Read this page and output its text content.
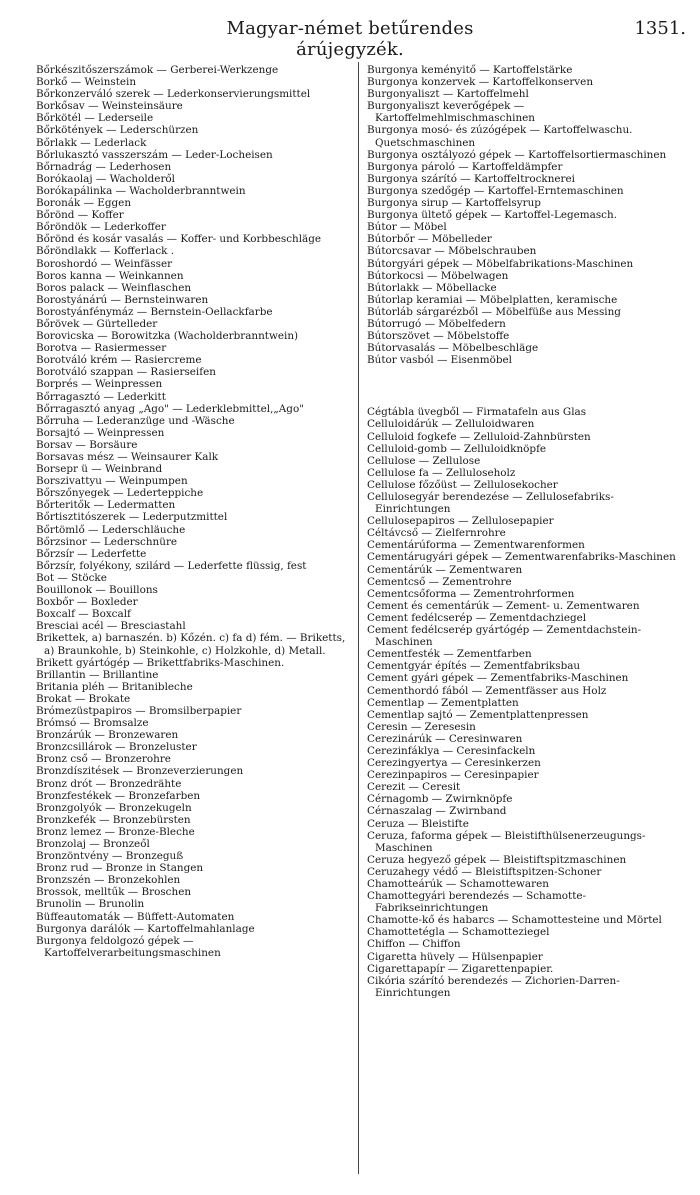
Magyar-német betűrendes árújegyzék.
1351.
Bőrkészitőszerszámok — Gerberei-Werkzenge
Borkő — Weinstein
Bőrkonzerváló szerek — Lederkonservierungsmittel
Borkősav — Weinsteinsäure
Bőrkötél — Lederseile
Bőrkötények — Lederschürzen
Bőrlakk — Lederlack
Bőrlukasztó vasszerszám — Leder-Locheisen
Bőrnadrág — Lederhosen
Borókaolaj — Wacholderől
Borókapálinka — Wacholderbranntwein
Boronák — Eggen
Bőrönd — Koffer
Bőröndök — Lederkoffer
Bőrönd és kosár vasalás — Koffer- und Korbbeschläge
Bőröndlakk — Kofferlack .
Boroshordó — Weinfässer
Boros kanna — Weinkannen
Boros palack — Weinflaschen
Borostyánárú — Bernsteinwaren
Borostyánfénymáz — Bernstein-Oellackfarbe
Bőrövek — Gürtelleder
Borovicska — Borowitzka (Wacholderbranntwein)
Borotva — Rasiermesser
Borotváló krém — Rasiercreme
Borotváló szappan — Rasierseifen
Borprés — Weinpressen
Bőrragasztó — Lederkitt
Bőrragasztó anyag „Ago" — Lederklebmittel,„Ago"
Bőrruha — Lederanzüge und -Wäsche
Borsajtó — Weinpressen
Borsav — Borsäure
Borsavas mész — Weinsaurer Kalk
Borsepr ü — Weinbrand
Borszivattyu — Weinpumpen
Bőrszőnyegek — Lederteppiche
Bőrteritők — Ledermatten
Bőrtisztitószerek — Lederputzmittel
Bőrtömlő — Lederschläuche
Bőrzsinor — Lederschnüre
Bőrzsír — Lederfette
Bőrzsír, folyékony, szilárd — Lederfette flüssig, fest
Bot — Stöcke
Bouillonok — Bouillons
Boxbőr — Boxleder
Boxcalf — Boxcalf
Bresciai acél — Bresciastahl
Brikettek, a) barnaszén. b) Kőzén. c) fa d) fém. — Briketts, a) Braunkohle, b) Steinkohle, c) Holzkohle, d) Metall.
Brikett gyártógép — Brikettfabriks-Maschinen.
Brillantin — Brillantine
Britania pléh — Britanibleche
Brokat — Brokate
Brómezüstpapiros — Bromsilberpapier
Brómsó — Bromsalze
Bronzárúk — Bronzewaren
Bronzcsillárok — Bronzeluster
Bronz cső — Bronzerohre
Bronzdíszitések — Bronzeverzierungen
Bronz drót — Bronzedrähte
Bronzfestékek — Bronzefarben
Bronzgolyók — Bronzekugeln
Bronzkefék — Bronzebürsten
Bronz lemez — Bronze-Bleche
Bronzolaj — Bronzeől
Bronzöntvény — Bronzeguß
Bronz rud — Bronze in Stangen
Bronzszén — Bronzekohlen
Brossok, melltűk — Broschen
Brunolin — Brunolin
Büffeautomaták — Büffett-Automaten
Burgonya darálók — Kartoffelmahlanlage
Burgonya feldolgozó gépek — Kartoffelverarbeitungsmaschinen
Burgonya keményitő — Kartoffelstärke
Burgonya konzervek — Kartoffelkonserven
Burgonyaliszt — Kartoffelmehl
Burgonyaliszt keverőgépek — Kartoffelmehlmischmaschinen
Burgonya mosó- és zúzógépek — Kartoffelwaschu. Quetschmaschinen
Burgonya osztályozó gépek — Kartoffelsortiermaschinen
Burgonya pároló — Kartoffeldämpfer
Burgonya szárító — Kartoffeltrocknerei
Burgonya szedőgép — Kartoffel-Erntemaschinen
Burgonya sirup — Kartoffelsyrup
Burgonya ültető gépek — Kartoffel-Legemasch.
Bútor — Möbel
Bútorbőr — Möbelleder
Bútorcsavar — Möbelschrauben
Bútorgyári gépek — Möbelfabrikations-Maschinen
Bútorkocsi — Möbelwagen
Bútorlakk — Möbellacke
Bútorlap keramiai — Möbelplatten, keramische
Bútorláb sárgarézből — Möbelfüße aus Messing
Bútorrugó — Möbelfedern
Bútorszövet — Möbelstoffe
Bútorvasalás — Möbelbeschläge
Bútor vasból — Eisenmöbel
Cégtábla üvegből — Firmatafeln aus Glas
Celluloidárúk — Zelluloidwaren
Celluloid fogkefe — Zelluloid-Zahnbürsten
Celluloid-gomb — Zelluloidknöpfe
Cellulose — Zellulose
Cellulose fa — Zelluloseholz
Cellulose főzőüst — Zellulosekocher
Cellulosegyár berendezése — Zellulosefabriks-Einrichtungen
Cellulosepapiros — Zellulosepapier
Céltávcső — Zielfernrohre
Cementárúforma — Zementwarenformen
Cementárugyári gépek — Zementwarenfabriks-Maschinen
Cementárúk — Zementwaren
Cementcső — Zementrohre
Cementcsőforma — Zementrohrformen
Cement és cementárúk — Zement- u. Zementwaren
Cement fedélcserép — Zementdachziegel
Cement fedélcserép gyártógép — Zementdachstein-Maschinen
Cementfesték — Zementfarben
Cementgyár építés — Zementfabriksbau
Cement gyári gépek — Zementfabriks-Maschinen
Cementhordó fából — Zementfässer aus Holz
Cementlap — Zementplatten
Cementlap sajtó — Zementplattenpressen
Ceresin — Zeresesin
Cerezinárúk — Ceresinwaren
Cerezinfáklya — Ceresinfackeln
Cerezingyertya — Ceresinkerzen
Cerezinpapiros — Ceresinpapier
Cerezit — Ceresit
Cérnagomb — Zwirnknöpfe
Cérnaszalag — Zwirnband
Ceruza — Bleistifte
Ceruza, faforma gépek — Bleistifthülsenerzeugungs-Maschinen
Ceruza hegyező gépek — Bleistiftspitzmaschinen
Ceruzahegy védő — Bleistiftspitzen-Schoner
Chamotteárúk — Schamottewaren
Chamottegyári berendezés — Schamotte-Fabrikseinrichtungen
Chamotte-kő és habarcs — Schamottesteine und Mörtel
Chamottetégla — Schamotteziegel
Chiffon — Chiffon
Cigaretta hüvely — Hülsenpapier
Cigarettapapír — Zigarettenpapier.
Cikória szárító berendezés — Zichorien-Darren-Einrichtungen
